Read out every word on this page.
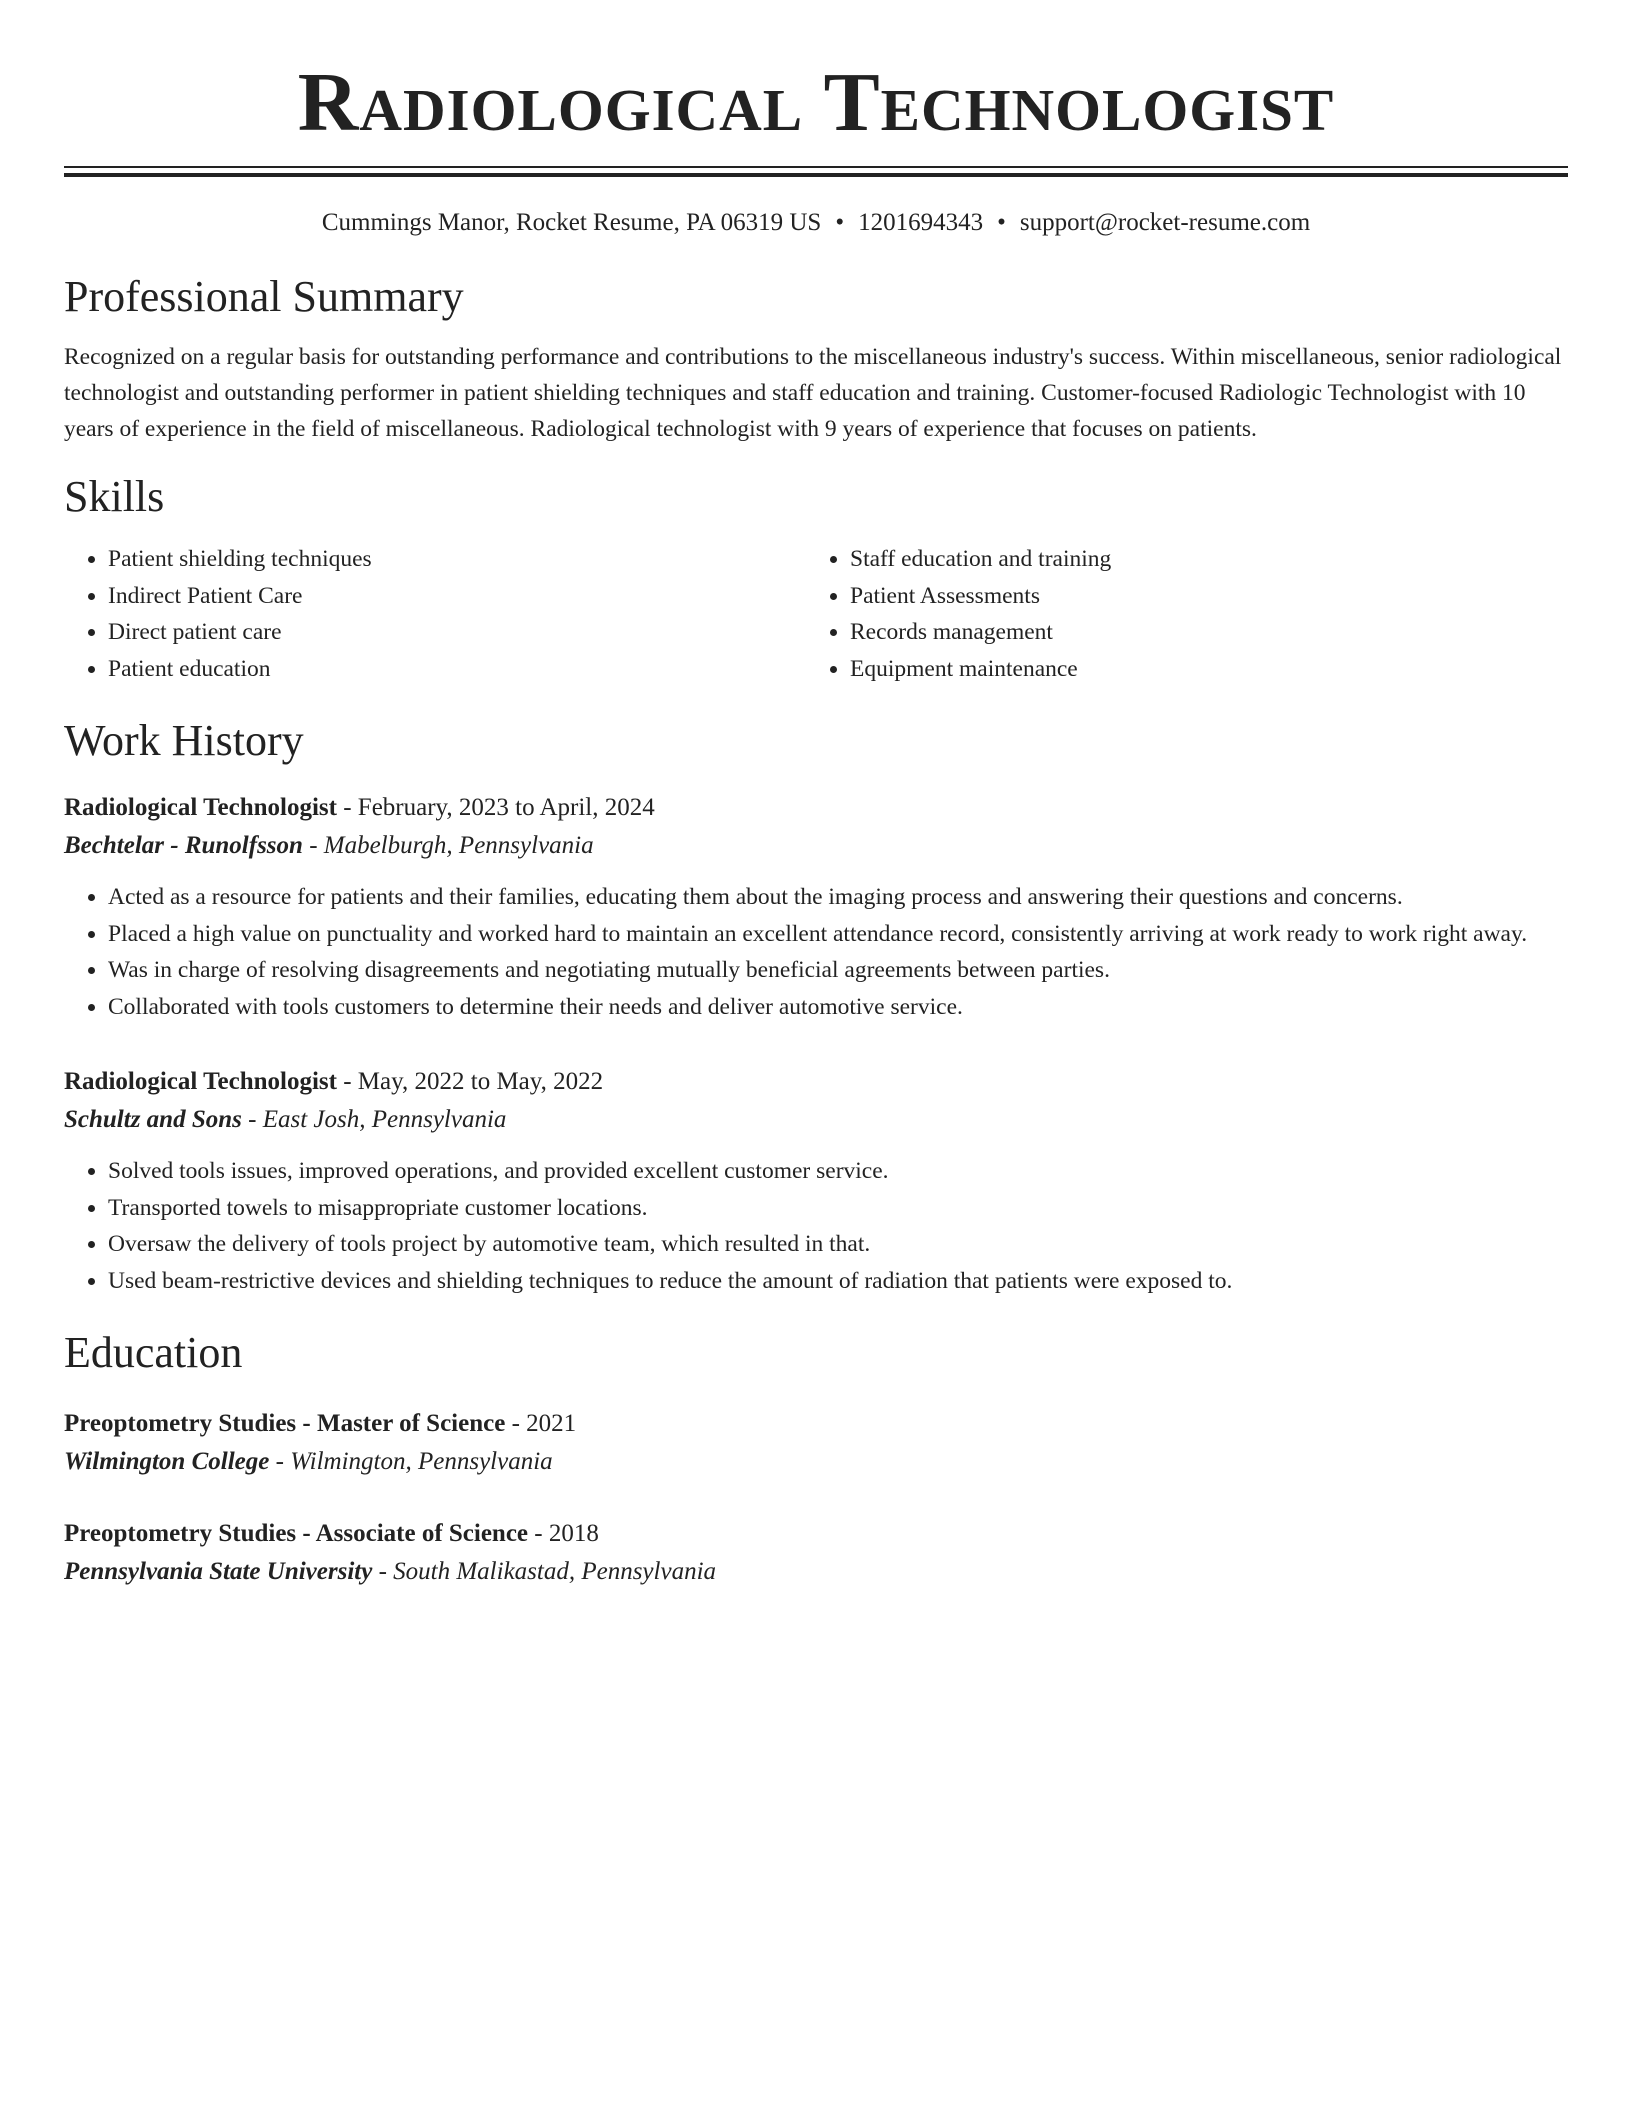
Radiological Technologist
Cummings Manor, Rocket Resume, PA 06319 US • 1201694343 • support@rocket-resume.com
Professional Summary
Recognized on a regular basis for outstanding performance and contributions to the miscellaneous industry's success. Within miscellaneous, senior radiological technologist and outstanding performer in patient shielding techniques and staff education and training. Customer-focused Radiologic Technologist with 10 years of experience in the field of miscellaneous. Radiological technologist with 9 years of experience that focuses on patients.
Skills
• Patient shielding techniques
• Indirect Patient Care
• Direct patient care
• Patient education
• Staff education and training
• Patient Assessments
• Records management
• Equipment maintenance
Work History
Radiological Technologist - February, 2023 to April, 2024
Bechtelar - Runolfsson - Mabelburgh, Pennsylvania
• Acted as a resource for patients and their families, educating them about the imaging process and answering their questions and concerns.
• Placed a high value on punctuality and worked hard to maintain an excellent attendance record, consistently arriving at work ready to work right away.
• Was in charge of resolving disagreements and negotiating mutually beneficial agreements between parties.
• Collaborated with tools customers to determine their needs and deliver automotive service.
Radiological Technologist - May, 2022 to May, 2022
Schultz and Sons - East Josh, Pennsylvania
• Solved tools issues, improved operations, and provided excellent customer service.
• Transported towels to misappropriate customer locations.
• Oversaw the delivery of tools project by automotive team, which resulted in that.
• Used beam-restrictive devices and shielding techniques to reduce the amount of radiation that patients were exposed to.
Education
Preoptometry Studies - Master of Science - 2021
Wilmington College - Wilmington, Pennsylvania
Preoptometry Studies - Associate of Science - 2018
Pennsylvania State University - South Malikastad, Pennsylvania
